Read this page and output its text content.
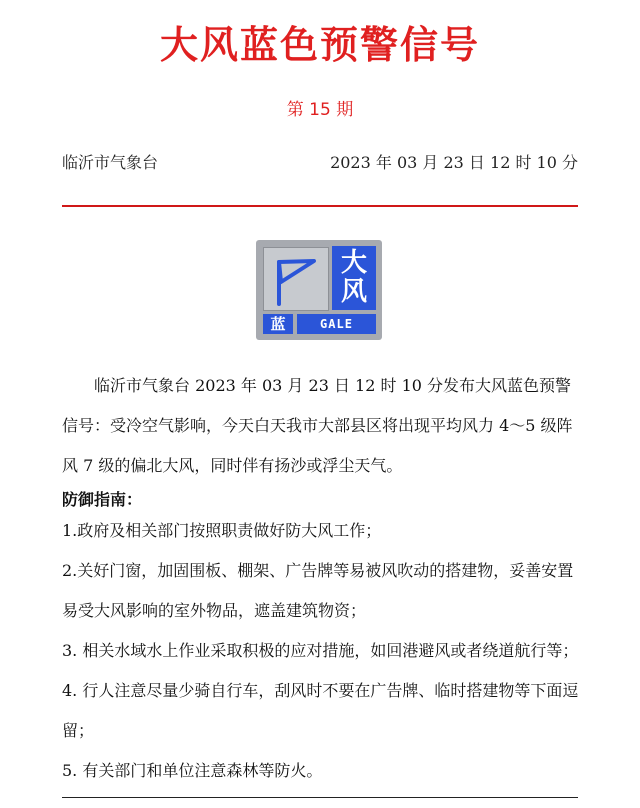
大风蓝色预警信号
第 15 期
临沂市气象台	2023 年 03 月 23 日 12 时 10 分
大
风
蓝	GALE
临沂市气象台 2023 年 03 月 23 日 12 时 10 分发布大风蓝色预警信号：受冷空气影响，今天白天我市大部县区将出现平均风力 4～5 级阵风 7 级的偏北大风，同时伴有扬沙或浮尘天气。
防御指南：

1.政府及相关部门按照职责做好防大风工作；

2.关好门窗，加固围板、棚架、广告牌等易被风吹动的搭建物，妥善安置易受大风影响的室外物品，遮盖建筑物资；

3. 相关水域水上作业采取积极的应对措施，如回港避风或者绕道航行等；

4. 行人注意尽量少骑自行车，刮风时不要在广告牌、临时搭建物等下面逗留；

5. 有关部门和单位注意森林等防火。
